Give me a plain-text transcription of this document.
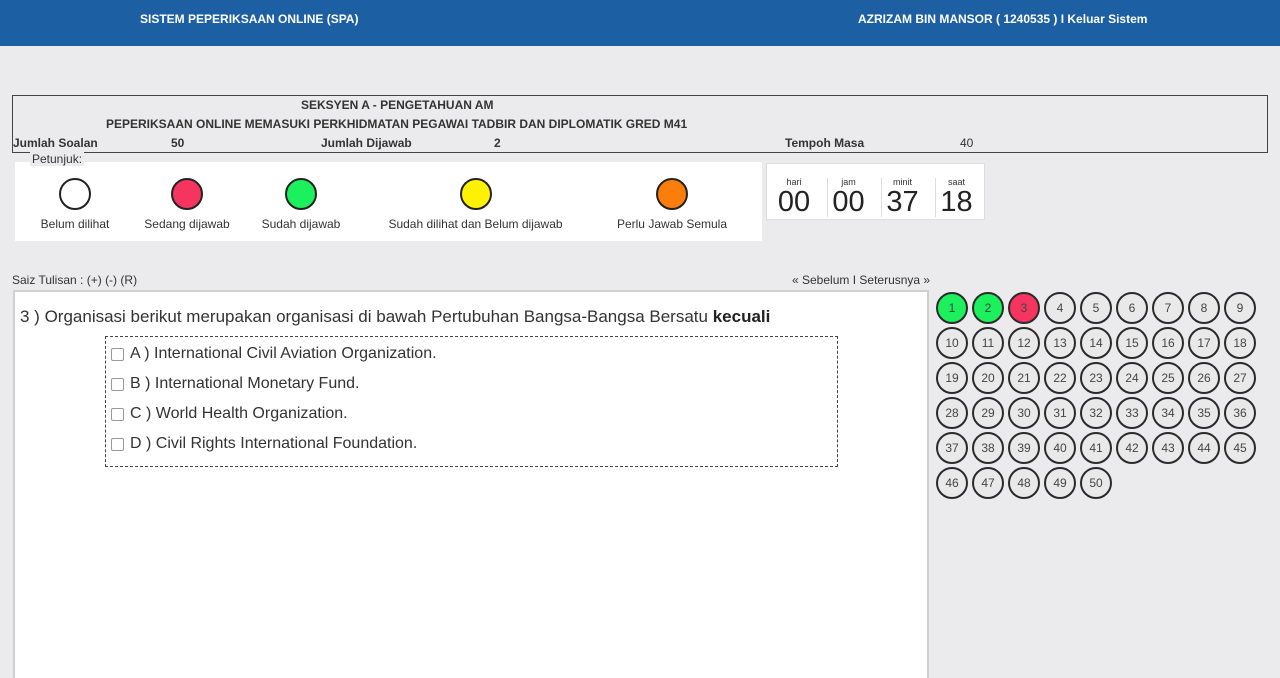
SISTEM PEPERIKSAAN ONLINE (SPA)	AZRIZAM BIN MANSOR ( 1240535 ) I Keluar Sistem
SEKSYEN A - PENGETAHUAN AM
PEPERIKSAAN ONLINE MEMASUKI PERKHIDMATAN PEGAWAI TADBIR DAN DIPLOMATIK GRED M41
Jumlah Soalan	50	Jumlah Dijawab	2	Tempoh Masa	40
Belum dilihat	Sedang dijawab	Sudah dijawab	Sudah dilihat dan Belum dijawab	Perlu Jawab Semula
Petunjuk:
hari
00
jam
00
minit
37
saat
18
Saiz Tulisan : (+) (-) (R)	« Sebelum I Seterusnya »
3 ) Organisasi berikut merupakan organisasi di bawah Pertubuhan Bangsa-Bangsa Bersatu kecuali
A )
International Civil Aviation Organization.
B )
International Monetary Fund.
C )
World Health Organization.
D )
Civil Rights International Foundation.
1	2	3	4	5	6	7	8	9
10	11	12	13	14	15	16	17	18
19	20	21	22	23	24	25	26	27
28	29	30	31	32	33	34	35	36
37	38	39	40	41	42	43	44	45
46	47	48	49	50
